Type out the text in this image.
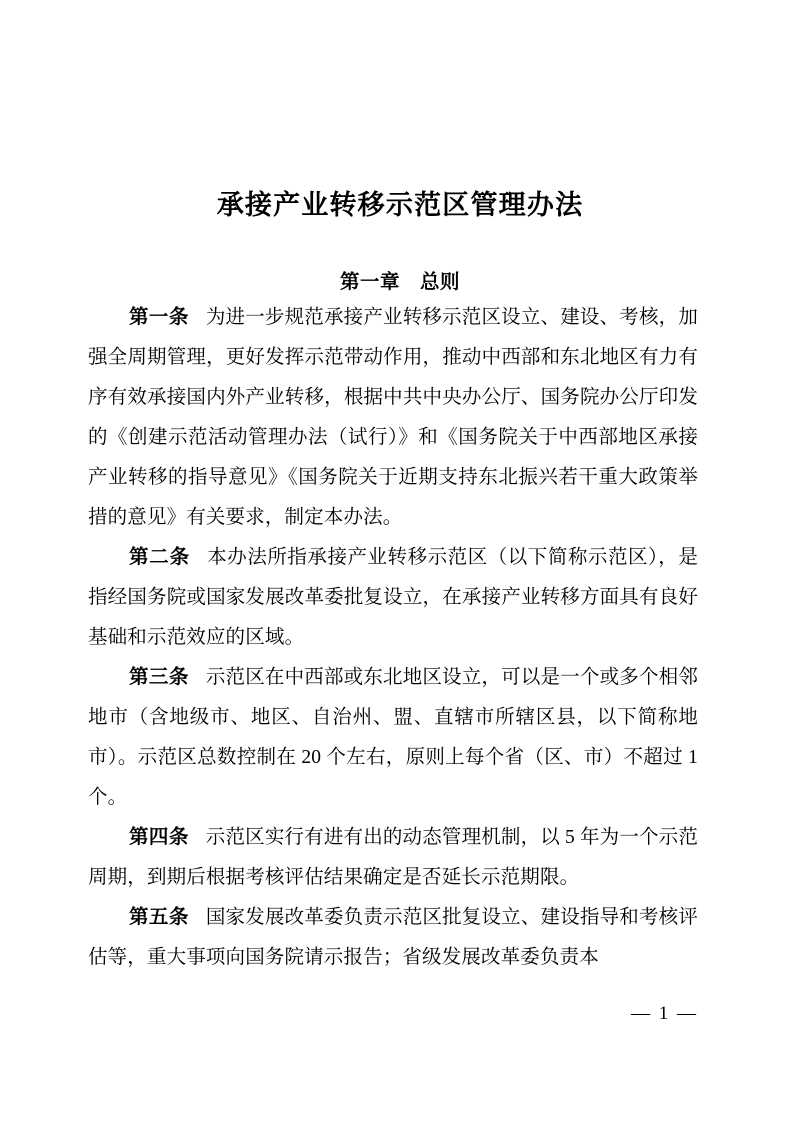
承接产业转移示范区管理办法
第一章　总则

第一条 为进一步规范承接产业转移示范区设立、建设、考核，加强全周期管理，更好发挥示范带动作用，推动中西部和东北地区有力有序有效承接国内外产业转移，根据中共中央办公厅、国务院办公厅印发的《创建示范活动管理办法（试行）》和《国务院关于中西部地区承接产业转移的指导意见》《国务院关于近期支持东北振兴若干重大政策举措的意见》有关要求，制定本办法。

第二条 本办法所指承接产业转移示范区（以下简称示范区），是指经国务院或国家发展改革委批复设立，在承接产业转移方面具有良好基础和示范效应的区域。

第三条 示范区在中西部或东北地区设立，可以是一个或多个相邻地市（含地级市、地区、自治州、盟、直辖市所辖区县，以下简称地市）。示范区总数控制在 20 个左右，原则上每个省（区、市）不超过 1 个。

第四条 示范区实行有进有出的动态管理机制，以 5 年为一个示范周期，到期后根据考核评估结果确定是否延长示范期限。

第五条 国家发展改革委负责示范区批复设立、建设指导和考核评估等，重大事项向国务院请示报告；省级发展改革委负责本

— 1 —
